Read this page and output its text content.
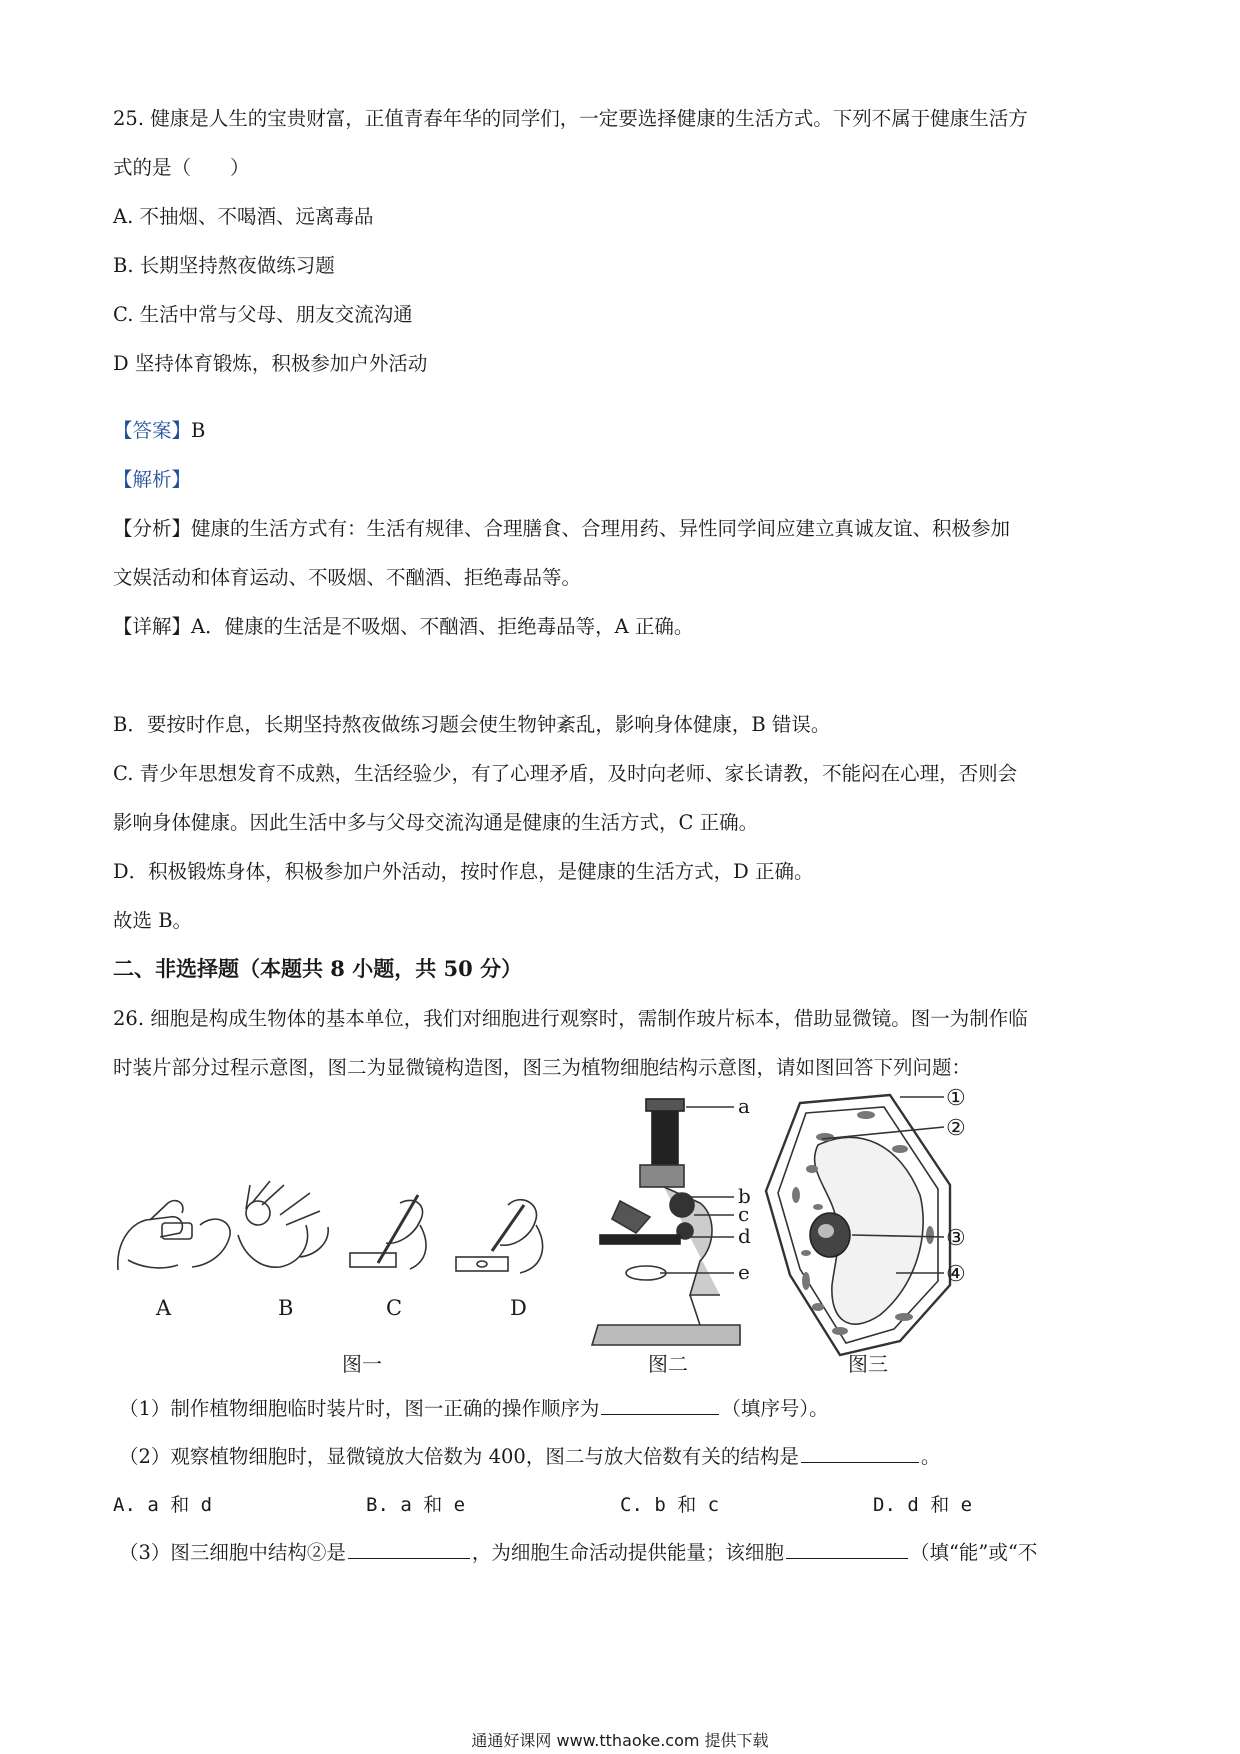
25. 健康是人生的宝贵财富，正值青春年华的同学们，一定要选择健康的生活方式。下列不属于健康生活方
式的是（　　）
A. 不抽烟、不喝酒、远离毒品
B. 长期坚持熬夜做练习题
C. 生活中常与父母、朋友交流沟通
D 坚持体育锻炼，积极参加户外活动
【答案】B
【解析】
【分析】健康的生活方式有：生活有规律、合理膳食、合理用药、异性同学间应建立真诚友谊、积极参加
文娱活动和体育运动、不吸烟、不酗酒、拒绝毒品等。
【详解】A．健康的生活是不吸烟、不酗酒、拒绝毒品等，A 正确。
B．要按时作息，长期坚持熬夜做练习题会使生物钟紊乱，影响身体健康，B 错误。
C. 青少年思想发育不成熟，生活经验少，有了心理矛盾，及时向老师、家长请教，不能闷在心理，否则会
影响身体健康。因此生活中多与父母交流沟通是健康的生活方式，C 正确。
D．积极锻炼身体，积极参加户外活动，按时作息，是健康的生活方式，D 正确。
故选 B。
二、非选择题（本题共 8 小题，共 50 分）
26. 细胞是构成生物体的基本单位，我们对细胞进行观察时，需制作玻片标本，借助显微镜。图一为制作临
时装片部分过程示意图，图二为显微镜构造图，图三为植物细胞结构示意图，请如图回答下列问题：
a
b
c
d
e
①
②
③
④
A	B	C	D
图一	图二	图三
（1）制作植物细胞临时装片时，图一正确的操作顺序为	（填序号）。
（2）观察植物细胞时，显微镜放大倍数为 400，图二与放大倍数有关的结构是	。
A. a 和 d	B. a 和 e	C. b 和 c	D. d 和 e
（3）图三细胞中结构②是	，为细胞生命活动提供能量；该细胞	（填“能”或“不
通通好课网 www.tthaoke.com 提供下载
